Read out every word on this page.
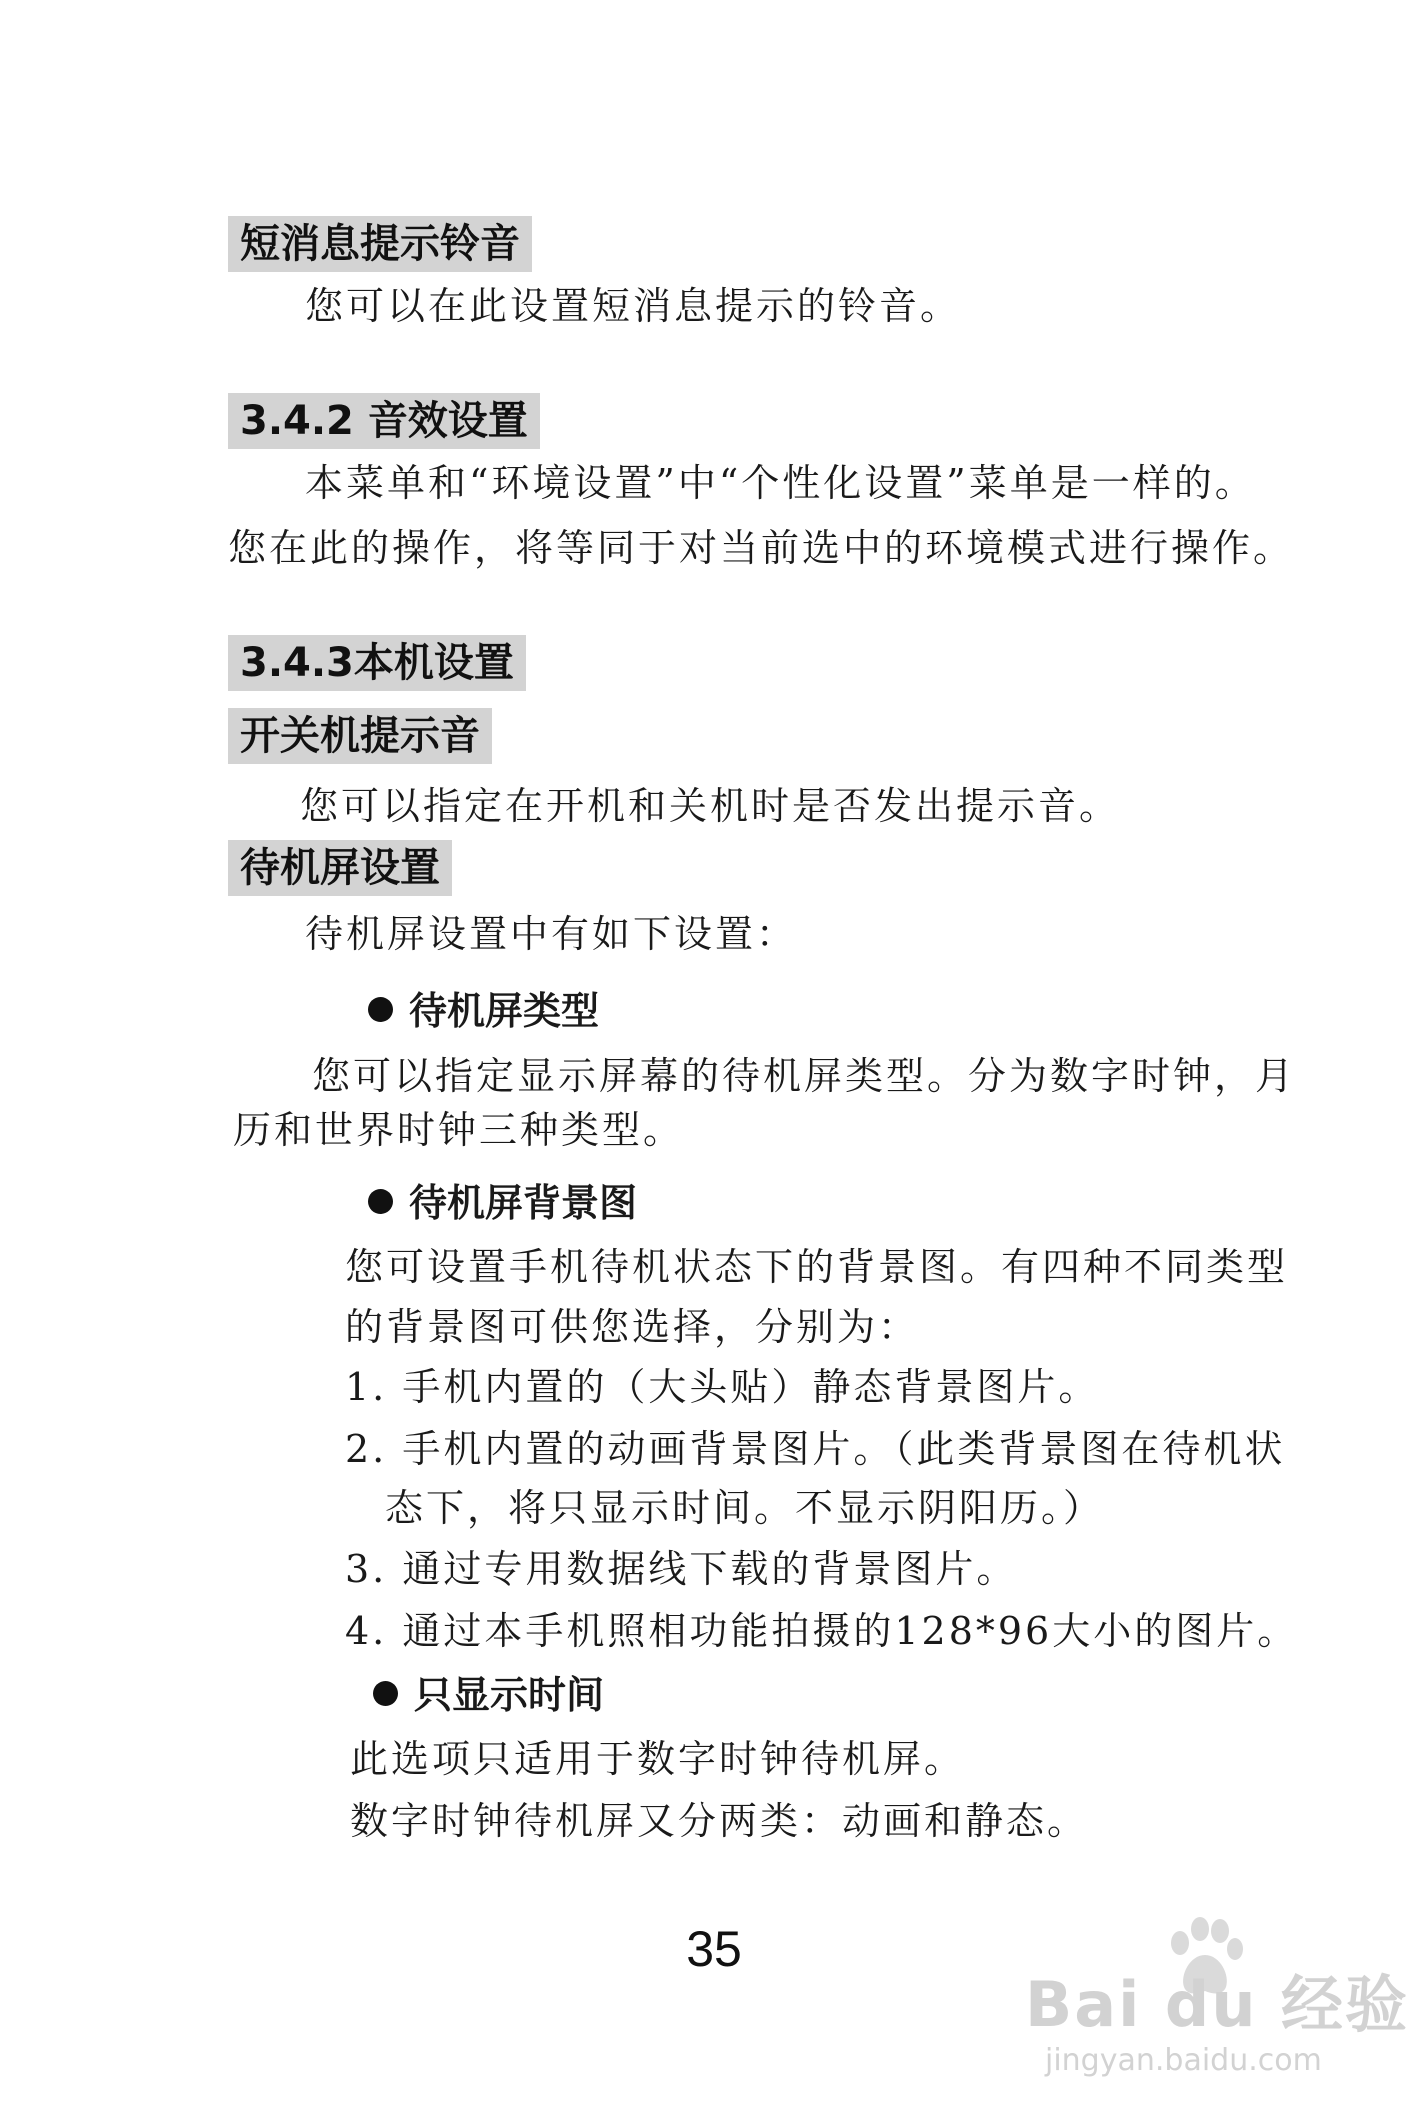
短消息提示铃音

您可以在此设置短消息提示的铃音。

3.4.2 音效设置

本菜单和“环境设置”中“个性化设置”菜单是一样的。

您在此的操作，将等同于对当前选中的环境模式进行操作。

3.4.3本机设置
开关机提示音

您可以指定在开机和关机时是否发出提示音。

待机屏设置

待机屏设置中有如下设置：

待机屏类型

您可以指定显示屏幕的待机屏类型。分为数字时钟，月

历和世界时钟三种类型。

待机屏背景图

您可设置手机待机状态下的背景图。有四种不同类型

的背景图可供您选择，分别为：

1. 手机内置的（大头贴）静态背景图片。

2. 手机内置的动画背景图片。（此类背景图在待机状

态下，将只显示时间。不显示阴阳历。）

3. 通过专用数据线下载的背景图片。

4. 通过本手机照相功能拍摄的128*96大小的图片。

只显示时间

此选项只适用于数字时钟待机屏。

数字时钟待机屏又分两类：动画和静态。

35
Bai du 经验
jingyan.baidu.com
